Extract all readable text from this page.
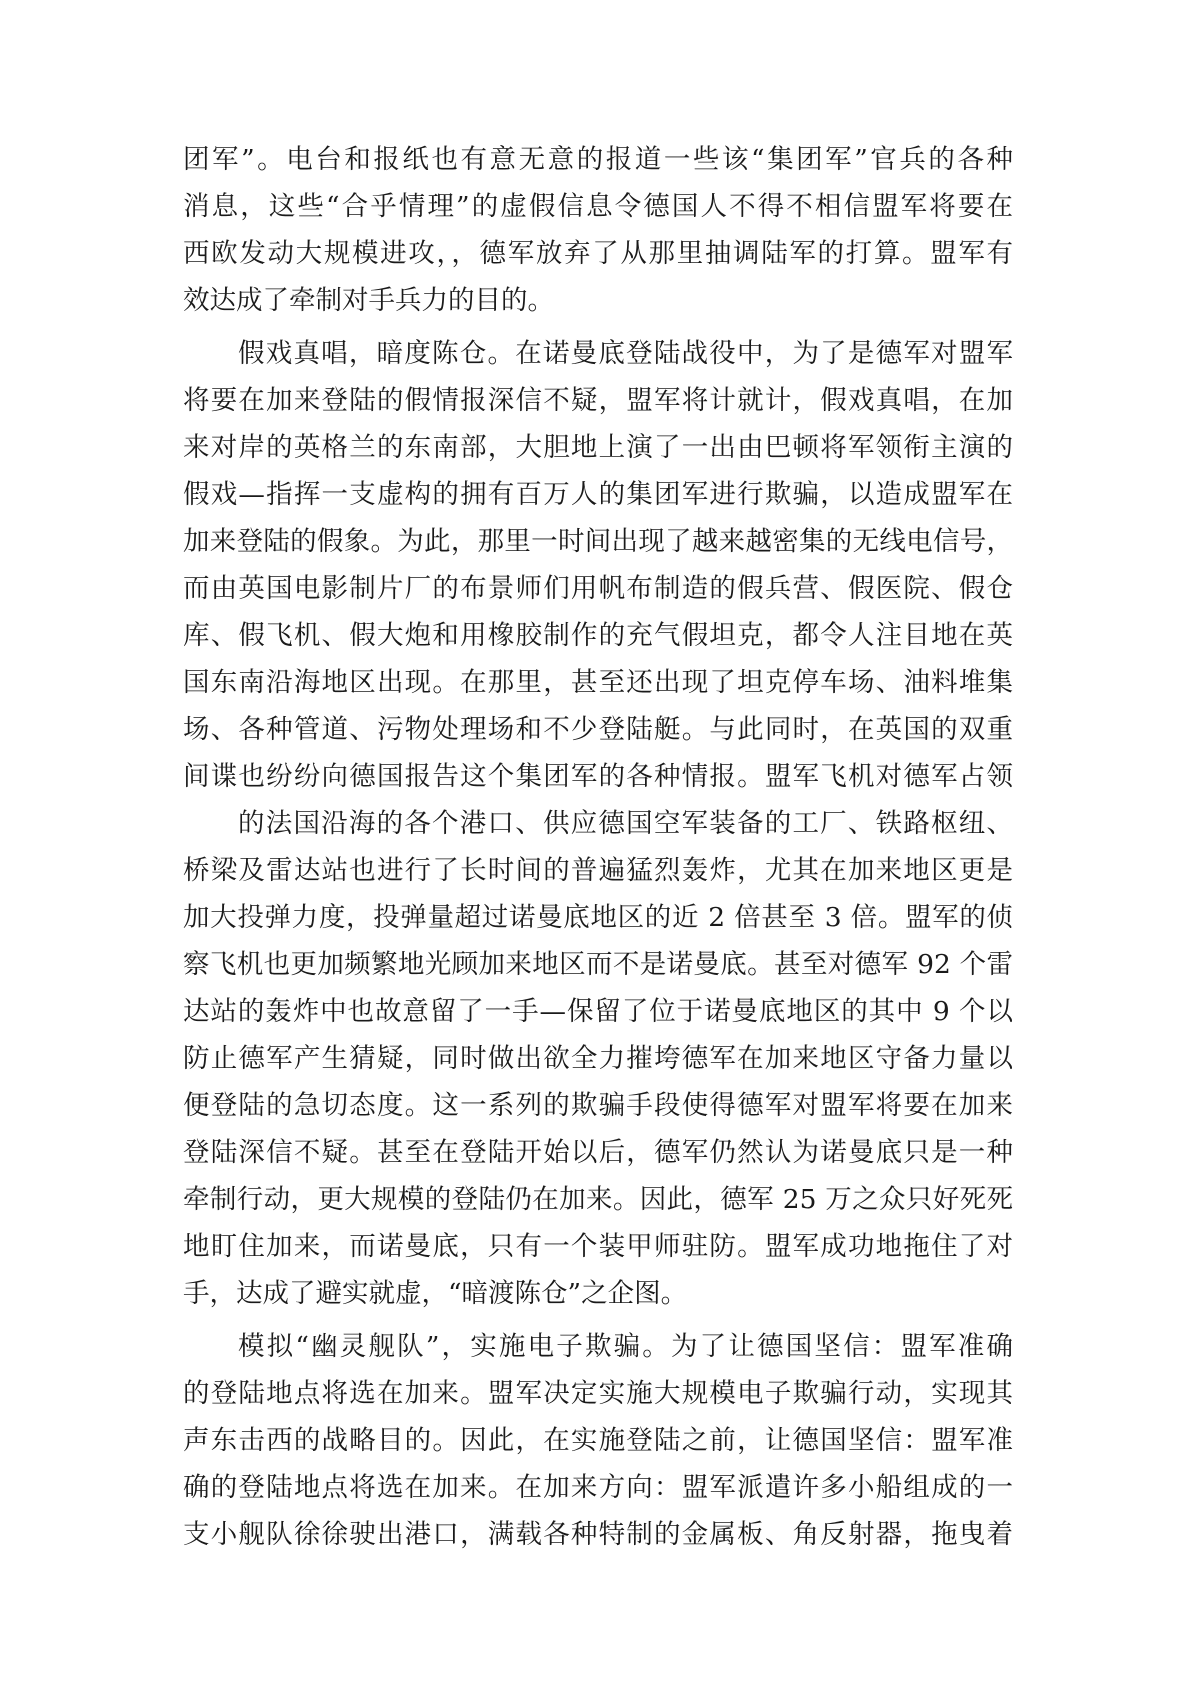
团军”。电台和报纸也有意无意的报道一些该“集团军”官兵的各种
消息，这些“合乎情理”的虚假信息令德国人不得不相信盟军将要在
西欧发动大规模进攻，，德军放弃了从那里抽调陆军的打算。盟军有
效达成了牵制对手兵力的目的。
假戏真唱，暗度陈仓。在诺曼底登陆战役中，为了是德军对盟军
将要在加来登陆的假情报深信不疑，盟军将计就计，假戏真唱，在加
来对岸的英格兰的东南部，大胆地上演了一出由巴顿将军领衔主演的
假戏—指挥一支虚构的拥有百万人的集团军进行欺骗，以造成盟军在
加来登陆的假象。为此，那里一时间出现了越来越密集的无线电信号，
而由英国电影制片厂的布景师们用帆布制造的假兵营、假医院、假仓
库、假飞机、假大炮和用橡胶制作的充气假坦克，都令人注目地在英
国东南沿海地区出现。在那里，甚至还出现了坦克停车场、油料堆集
场、各种管道、污物处理场和不少登陆艇。与此同时，在英国的双重
间谍也纷纷向德国报告这个集团军的各种情报。盟军飞机对德军占领
的法国沿海的各个港口、供应德国空军装备的工厂、铁路枢纽、
桥梁及雷达站也进行了长时间的普遍猛烈轰炸，尤其在加来地区更是
加大投弹力度，投弹量超过诺曼底地区的近 2 倍甚至 3 倍。盟军的侦
察飞机也更加频繁地光顾加来地区而不是诺曼底。甚至对德军 92 个雷
达站的轰炸中也故意留了一手—保留了位于诺曼底地区的其中 9 个以
防止德军产生猜疑，同时做出欲全力摧垮德军在加来地区守备力量以
便登陆的急切态度。这一系列的欺骗手段使得德军对盟军将要在加来
登陆深信不疑。甚至在登陆开始以后，德军仍然认为诺曼底只是一种
牵制行动，更大规模的登陆仍在加来。因此，德军 25 万之众只好死死
地盯住加来，而诺曼底，只有一个装甲师驻防。盟军成功地拖住了对
手，达成了避实就虚，“暗渡陈仓”之企图。
模拟“幽灵舰队”，实施电子欺骗。为了让德国坚信：盟军准确
的登陆地点将选在加来。盟军决定实施大规模电子欺骗行动，实现其
声东击西的战略目的。因此，在实施登陆之前，让德国坚信：盟军准
确的登陆地点将选在加来。在加来方向：盟军派遣许多小船组成的一
支小舰队徐徐驶出港口，满载各种特制的金属板、角反射器，拖曳着
